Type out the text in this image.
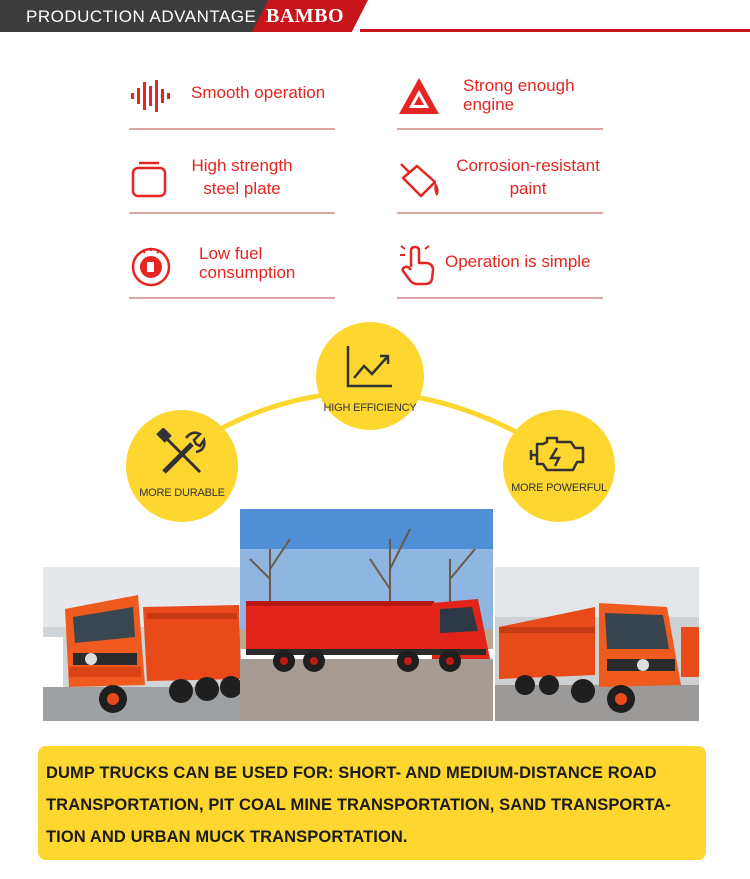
PRODUCTION ADVANTAGE BAMBO
Smooth operation	Strong enough
engine
High strength
steel plate
Corrosion-resistant
paint
Low fuel
consumption
Operation is simple
HIGH EFFICIENCY
MORE DURABLE	MORE POWERFUL
DUMP TRUCKS CAN BE USED FOR: SHORT- AND MEDIUM-DISTANCE ROAD TRANSPORTATION, PIT COAL MINE TRANSPORTATION, SAND TRANSPORTA- TION AND URBAN MUCK TRANSPORTATION.
